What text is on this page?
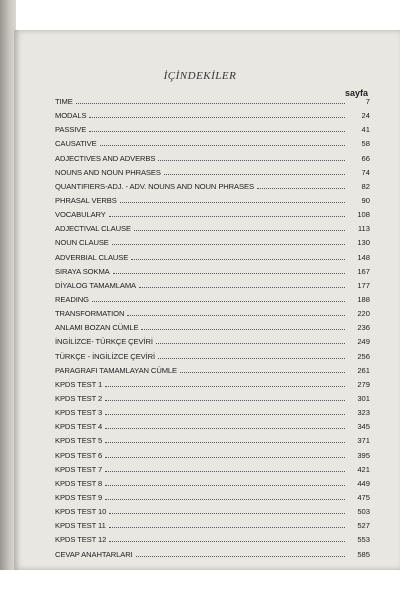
İÇİNDEKİLER
sayfa
TIME	7
MODALS	24
PASSIVE	41
CAUSATIVE	58
ADJECTIVES AND ADVERBS	66
NOUNS AND NOUN PHRASES	74
QUANTIFIERS-ADJ. - ADV. NOUNS AND NOUN PHRASES	82
PHRASAL VERBS	90
VOCABULARY	108
ADJECTIVAL CLAUSE	113
NOUN CLAUSE	130
ADVERBIAL CLAUSE	148
SIRAYA SOKMA	167
DİYALOG TAMAMLAMA	177
READING	188
TRANSFORMATION	220
ANLAMI BOZAN CÜMLE	236
İNGİLİZCE- TÜRKÇE ÇEVİRİ	249
TÜRKÇE - İNGİLİZCE ÇEVİRİ	256
PARAGRAFI TAMAMLAYAN CÜMLE	261
KPDS TEST 1	279
KPDS TEST 2	301
KPDS TEST 3	323
KPDS TEST 4	345
KPDS TEST 5	371
KPDS TEST 6	395
KPDS TEST 7	421
KPDS TEST 8	449
KPDS TEST 9	475
KPDS TEST 10	503
KPDS TEST 11	527
KPDS TEST 12	553
CEVAP ANAHTARLARI	585
